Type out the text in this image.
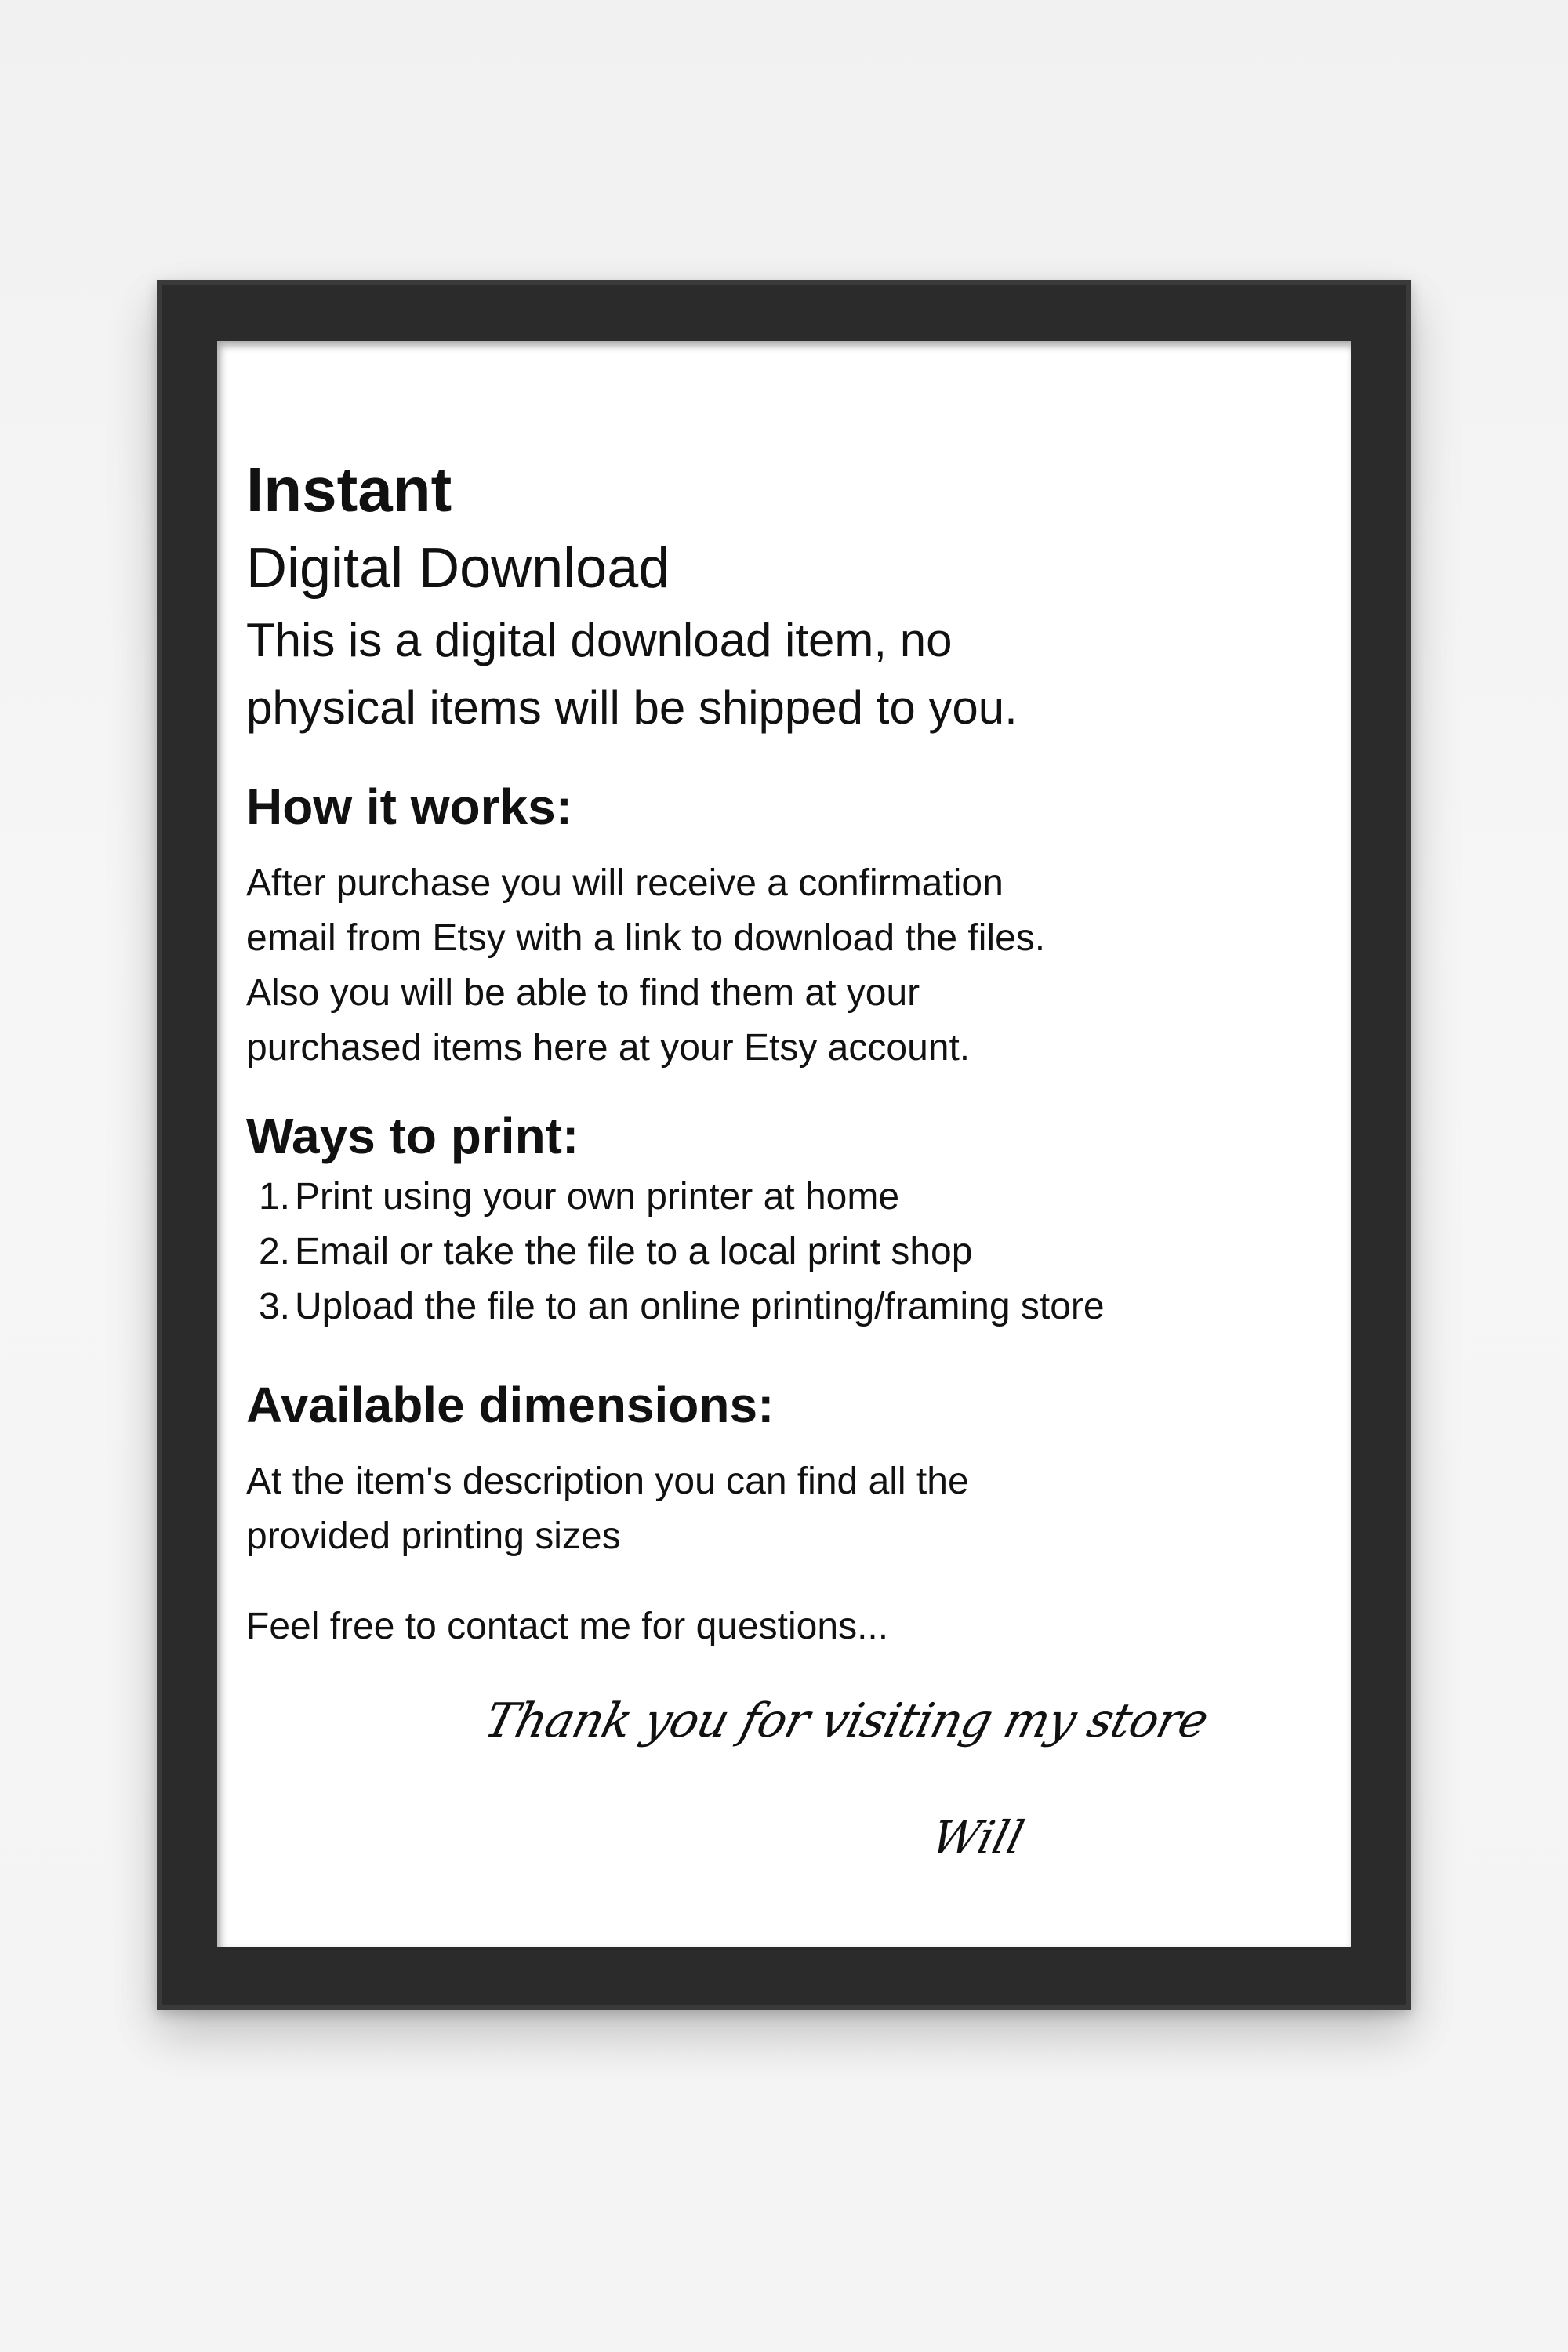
Instant
Digital Download
This is a digital download item, no
physical items will be shipped to you.
How it works:
After purchase you will receive a confirmation
email from Etsy with a link to download the files.
Also you will be able to find them at your
purchased items here at your Etsy account.
Ways to print:
1. Print using your own printer at home
2. Email or take the file to a local print shop
3. Upload the file to an online printing/framing store
Available dimensions:
At the item's description you can find all the
provided printing sizes
Feel free to contact me for questions...
Thank you for visiting my store
Will
